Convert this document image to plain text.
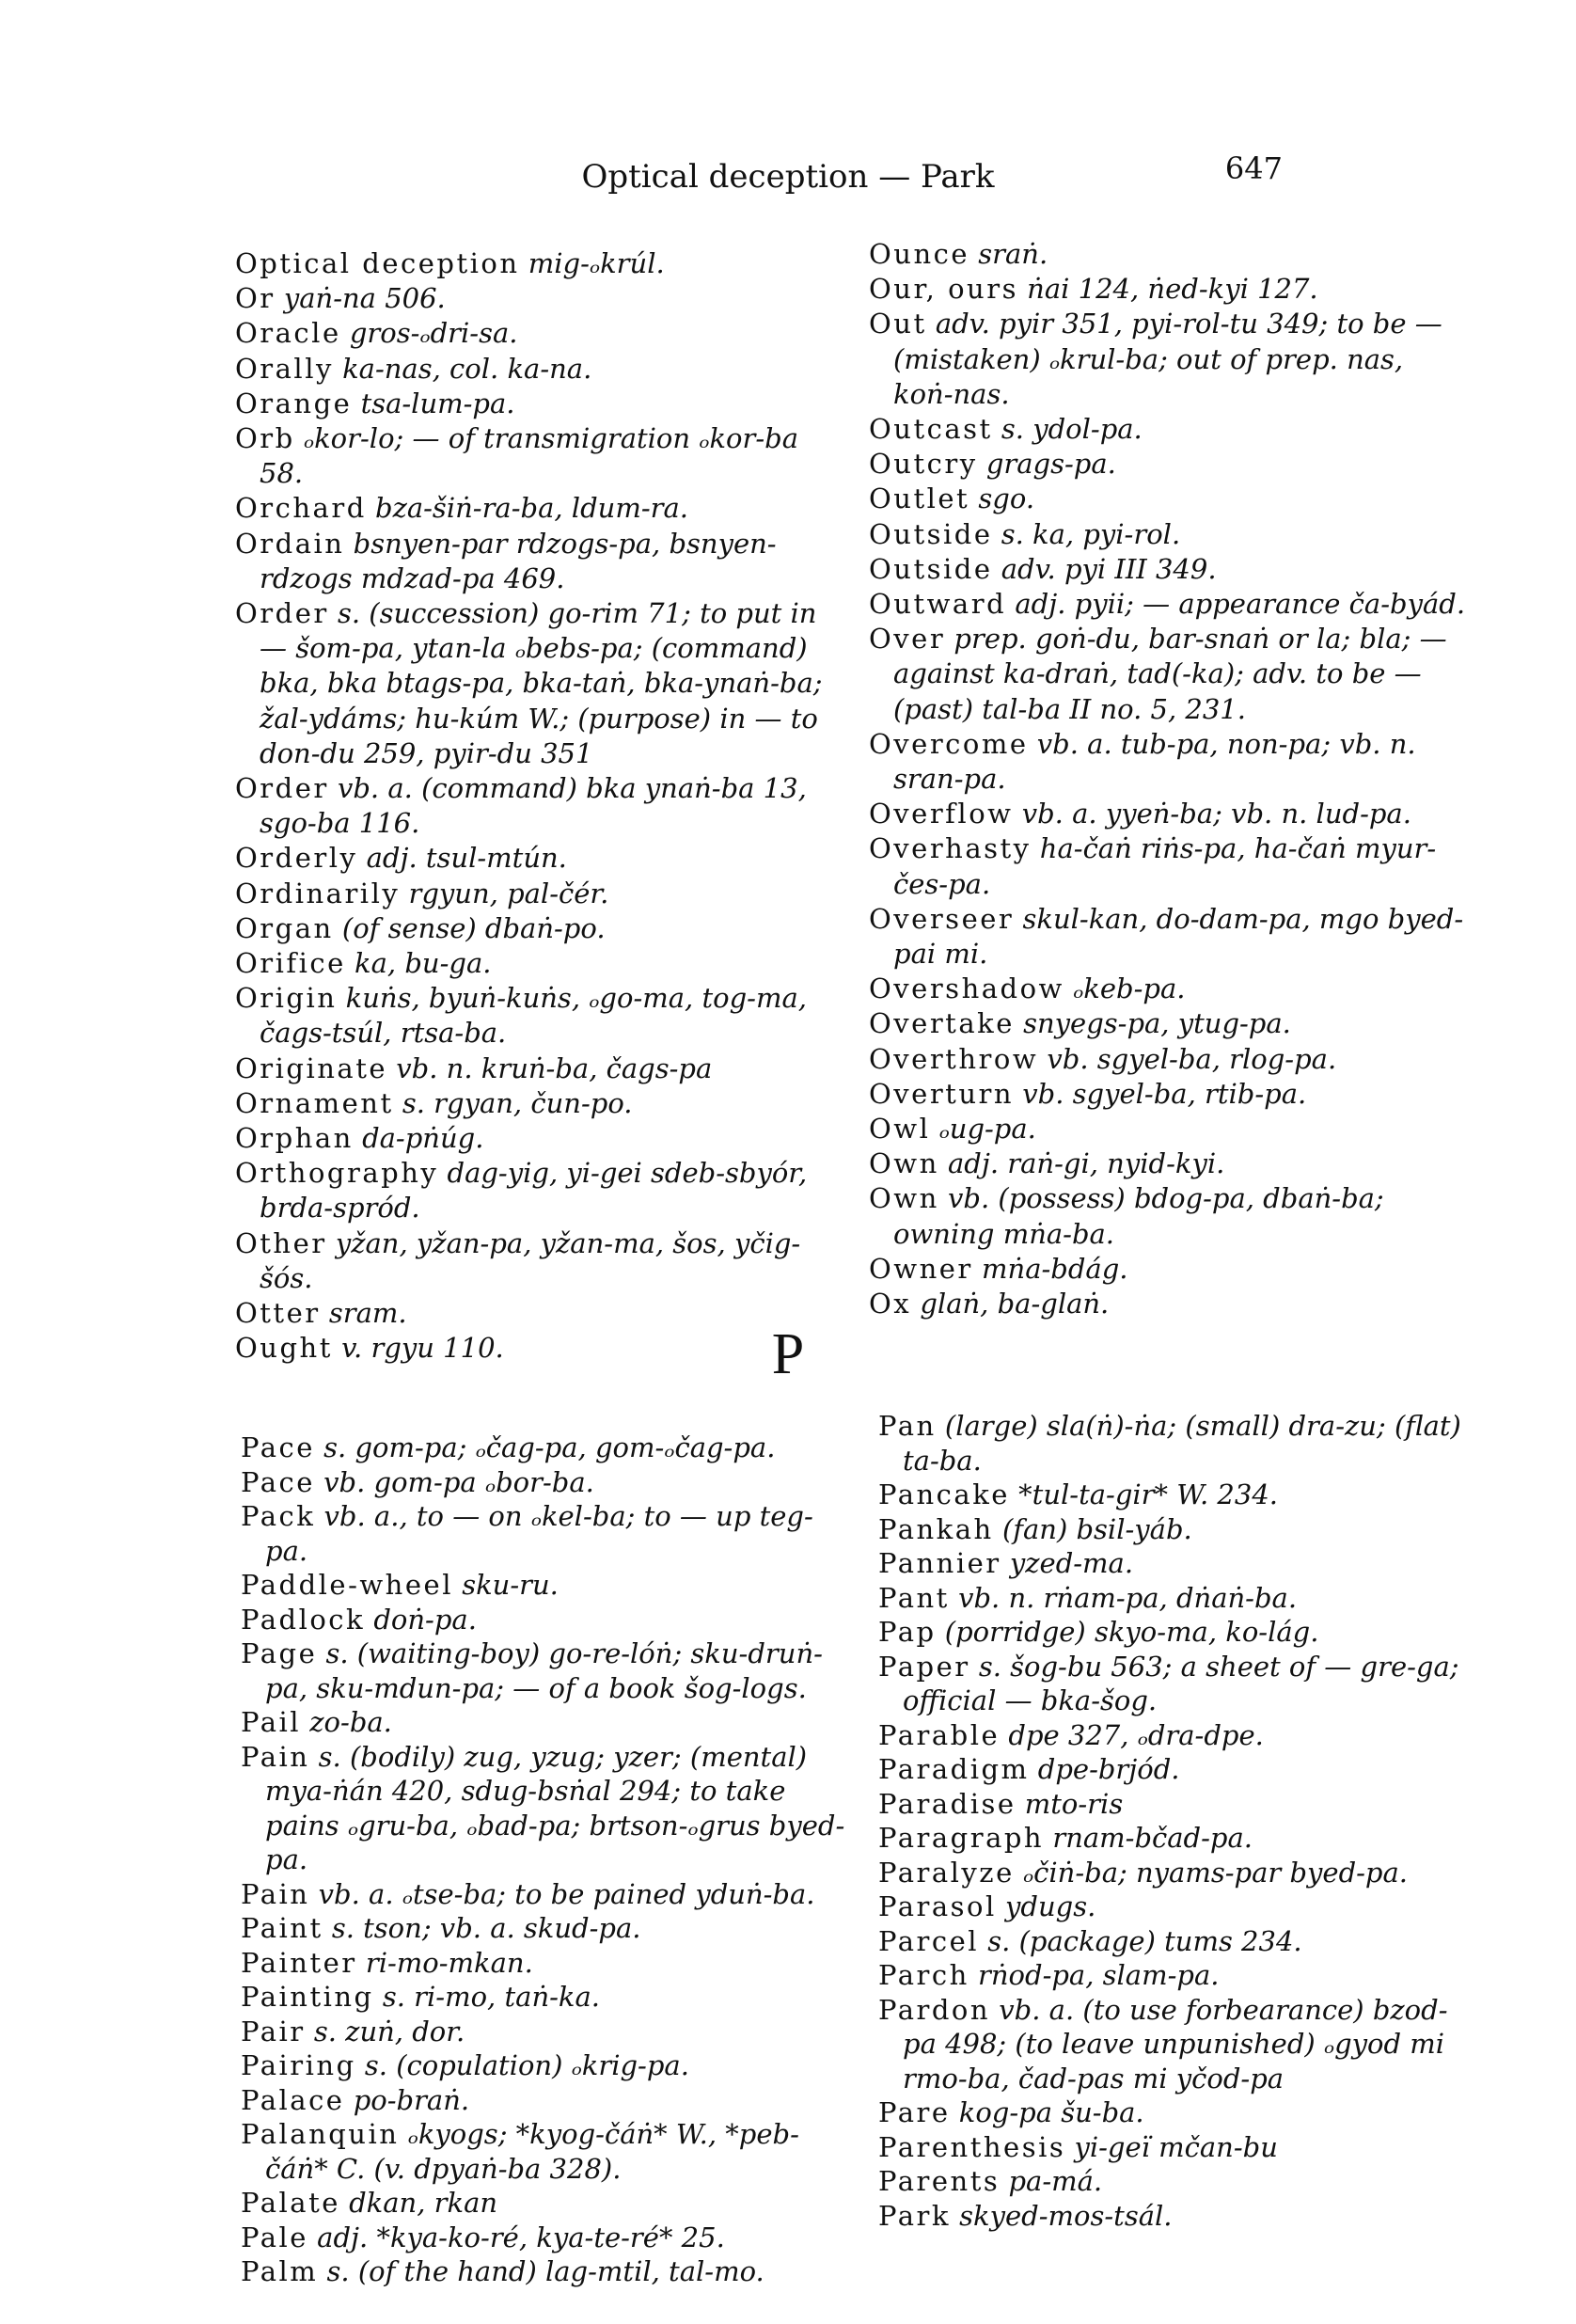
Optical deception — Park	647
Optical deception mig-ₒkrúl.
Or yaṅ-na 506.
Oracle gros-ₒdri-sa.
Orally ka-nas, col. ka-na.
Orange tsa-lum-pa.
Orb ₒkor-lo; — of transmigration ₒkor-ba 58.
Orchard bza-šiṅ-ra-ba, ldum-ra.
Ordain bsnyen-par rdzogs-pa, bsnyen-rdzogs mdzad-pa 469.
Order s. (succession) go-rim 71; to put in — šom-pa, ytan-la ₒbebs-pa; (command) bka, bka btags-pa, bka-taṅ, bka-ynaṅ-ba; žal-ydáms; hu-kúm W.; (purpose) in — to don-du 259, pyir-du 351
Order vb. a. (command) bka ynaṅ-ba 13, sgo-ba 116.
Orderly adj. tsul-mtún.
Ordinarily rgyun, pal-čér.
Organ (of sense) dbaṅ-po.
Orifice ka, bu-ga.
Origin kuṅs, byuṅ-kuṅs, ₒgo-ma, tog-ma, čags-tsúl, rtsa-ba.
Originate vb. n. kruṅ-ba, čags-pa
Ornament s. rgyan, čun-po.
Orphan da-pṅúg.
Orthography dag-yig, yi-gei sdeb-sbyór, brda-spród.
Other yžan, yžan-pa, yžan-ma, šos, yčig-šós.
Otter sram.
Ought v. rgyu 110.
Ounce sraṅ.
Our, ours ṅai 124, ṅed-kyi 127.
Out adv. pyir 351, pyi-rol-tu 349; to be — (mistaken) ₒkrul-ba; out of prep. nas, koṅ-nas.
Outcast s. ydol-pa.
Outcry grags-pa.
Outlet sgo.
Outside s. ka, pyi-rol.
Outside adv. pyi III 349.
Outward adj. pyii; — appearance ča-byád.
Over prep. goṅ-du, bar-snaṅ or la; bla; — against ka-draṅ, tad(-ka); adv. to be — (past) tal-ba II no. 5, 231.
Overcome vb. a. tub-pa, non-pa; vb. n. sran-pa.
Overflow vb. a. yyeṅ-ba; vb. n. lud-pa.
Overhasty ha-čaṅ riṅs-pa, ha-čaṅ myur-čes-pa.
Overseer skul-kan, do-dam-pa, mgo byed-pai mi.
Overshadow ₒkeb-pa.
Overtake snyegs-pa, ytug-pa.
Overthrow vb. sgyel-ba, rlog-pa.
Overturn vb. sgyel-ba, rtib-pa.
Owl ₒug-pa.
Own adj. raṅ-gi, nyid-kyi.
Own vb. (possess) bdog-pa, dbaṅ-ba; owning mṅa-ba.
Owner mṅa-bdág.
Ox glaṅ, ba-glaṅ.
P
Pace s. gom-pa; ₒčag-pa, gom-ₒčag-pa.
Pace vb. gom-pa ₒbor-ba.
Pack vb. a., to — on ₒkel-ba; to — up teg-pa.
Paddle-wheel sku-ru.
Padlock doṅ-pa.
Page s. (waiting-boy) go-re-lóṅ; sku-druṅ-pa, sku-mdun-pa; — of a book šog-logs.
Pail zo-ba.
Pain s. (bodily) zug, yzug; yzer; (mental) mya-ṅán 420, sdug-bsṅal 294; to take pains ₒgru-ba, ₒbad-pa; brtson-ₒgrus byed-pa.
Pain vb. a. ₒtse-ba; to be pained yduṅ-ba.
Paint s. tson; vb. a. skud-pa.
Painter ri-mo-mkan.
Painting s. ri-mo, taṅ-ka.
Pair s. zuṅ, dor.
Pairing s. (copulation) ₒkrig-pa.
Palace po-braṅ.
Palanquin ₒkyogs; *kyog-čáṅ* W., *peb-čáṅ* C. (v. dpyaṅ-ba 328).
Palate dkan, rkan
Pale adj. *kya-ko-ré, kya-te-ré* 25.
Palm s. (of the hand) lag-mtil, tal-mo.
Pan (large) sla(ṅ)-ṅa; (small) dra-zu; (flat) ta-ba.
Pancake *tul-ta-gir* W. 234.
Pankah (fan) bsil-yáb.
Pannier yzed-ma.
Pant vb. n. rṅam-pa, dṅaṅ-ba.
Pap (porridge) skyo-ma, ko-lág.
Paper s. šog-bu 563; a sheet of — gre-ga; official — bka-šog.
Parable dpe 327, ₒdra-dpe.
Paradigm dpe-brjód.
Paradise mto-ris
Paragraph rnam-bčad-pa.
Paralyze ₒčiṅ-ba; nyams-par byed-pa.
Parasol ydugs.
Parcel s. (package) tums 234.
Parch rṅod-pa, slam-pa.
Pardon vb. a. (to use forbearance) bzod-pa 498; (to leave unpunished) ₒgyod mi rmo-ba, čad-pas mi yčod-pa
Pare kog-pa šu-ba.
Parenthesis yi-geï mčan-bu
Parents pa-má.
Park skyed-mos-tsál.
